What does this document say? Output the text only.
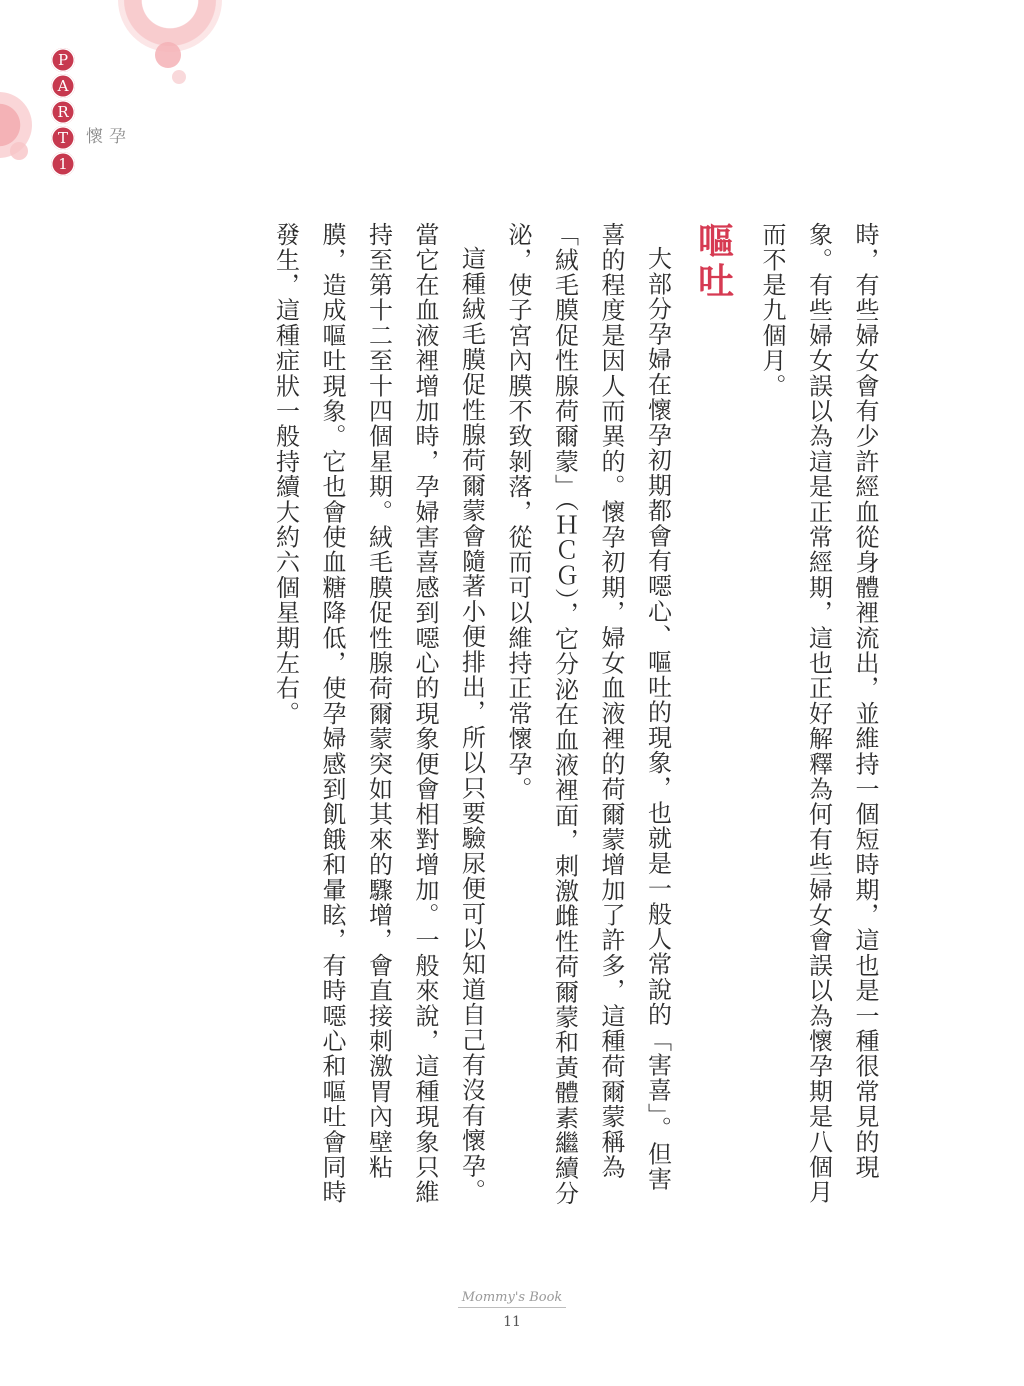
P
A
R
T
1
懷孕

時，有些婦女會有少許經血從身體裡流出，並維持一個短時期，這也是一種很常見的現象。有些婦女誤以為這是正常經期，這也正好解釋為何有些婦女會誤以為懷孕期是八個月而不是九個月。

嘔吐

大部分孕婦在懷孕初期都會有噁心、嘔吐的現象，也就是一般人常說的「害喜」。但害喜的程度是因人而異的。懷孕初期，婦女血液裡的荷爾蒙增加了許多，這種荷爾蒙稱為「絨毛膜促性腺荷爾蒙」（ＨＣＧ），它分泌在血液裡面，刺激雌性荷爾蒙和黃體素繼續分泌，使子宮內膜不致剝落，從而可以維持正常懷孕。

這種絨毛膜促性腺荷爾蒙會隨著小便排出，所以只要驗尿便可以知道自己有沒有懷孕。當它在血液裡增加時，孕婦害喜感到噁心的現象便會相對增加。一般來說，這種現象只維持至第十二至十四個星期。絨毛膜促性腺荷爾蒙突如其來的驟增，會直接刺激胃內壁粘膜，造成嘔吐現象。它也會使血糖降低，使孕婦感到飢餓和暈眩，有時噁心和嘔吐會同時發生，這種症狀一般持續大約六個星期左右。

Mommy's Book
11
